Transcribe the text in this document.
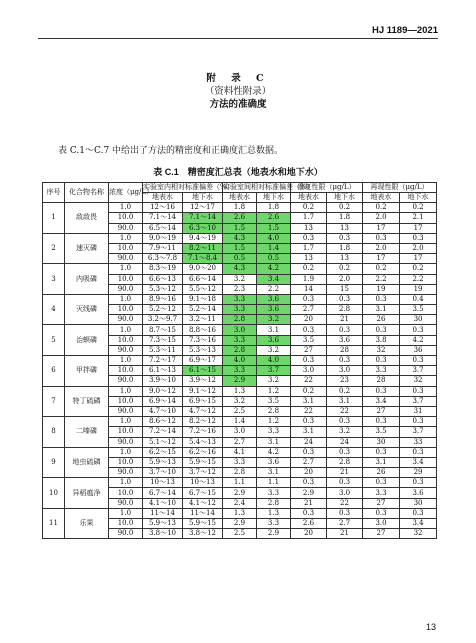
HJ 1189—2021
附 录 C
（资料性附录）
方法的准确度
表 C.1～C.7 中给出了方法的精密度和正确度汇总数据。
表 C.1　精密度汇总表（地表水和地下水）
序号	化合物名称	浓度（μg/L）	实验室内相对标准偏差（%）		实验室间相对标准偏差（%）		重复性限（μg/L）		再现性限（μg/L）	
			地表水	地下水	地表水	地下水	地表水	地下水	地表水	地下水
1	敌敌畏	1.0	12～16	12～17	1.8	1.8	0.2	0.2	0.2	0.2
		10.0	7.1～14	7.1～14	2.6	2.6	1.7	1.8	2.0	2.1
		90.0	6.5～14	6.3～10	1.5	1.5	13	13	17	17
2	速灭磷	1.0	9.0～19	9.4～19	4.3	4.0	0.3	0.3	0.3	0.3
		10.0	7.9～11	8.2～11	1.5	1.4	1.7	1.8	2.0	2.0
		90.0	6.3～7.8	7.1～8.4	0.5	0.5	13	13	17	17
3	内吸磷	1.0	8.3～19	9.0～20	4.3	4.2	0.2	0.2	0.2	0.2
		10.0	6.6～13	6.6～14	3.2	3.4	1.9	2.0	2.2	2.2
		90.0	5.3～12	5.5～12	2.3	2.2	14	15	19	19
4	灭线磷	1.0	8.9～16	9.1～18	3.3	3.6	0.3	0.3	0.3	0.4
		10.0	5.2～12	5.2～14	3.3	3.6	2.7	2.8	3.1	3.5
		90.0	3.2～9.7	3.2～11	2.8	3.2	20	21	26	30
5	治螟磷	1.0	8.7～15	8.8～16	3.0	3.1	0.3	0.3	0.3	0.3
		10.0	7.3～15	7.3～16	3.3	3.6	3.5	3.6	3.8	4.2
		90.0	5.3～11	5.3～13	2.8	3.2	27	28	32	36
6	甲拌磷	1.0	7.2～17	6.9～17	4.0	4.0	0.3	0.3	0.3	0.3
		10.0	6.1～13	6.1～15	3.3	3.7	3.0	3.0	3.3	3.7
		90.0	3.9～10	3.9～12	2.9	3.2	22	23	28	32
7	特丁硫磷	1.0	9.0～12	9.1～12	1.3	1.2	0.2	0.2	0.3	0.3
		10.0	6.9～14	6.9～15	3.2	3.5	3.1	3.1	3.4	3.7
		90.0	4.7～10	4.7～12	2.5	2.8	22	22	27	31
8	二嗪磷	1.0	8.6～12	8.2～12	1.4	1.2	0.3	0.3	0.3	0.3
		10.0	7.2～14	7.2～16	3.0	3.3	3.1	3.2	3.5	3.7
		90.0	5.1～12	5.4～13	2.7	3.1	24	24	30	33
9	地虫硫磷	1.0	6.2～15	6.2～16	4.1	4.2	0.3	0.3	0.3	0.3
		10.0	5.9～13	5.9～15	3.3	3.6	2.7	2.8	3.1	3.4
		90.0	3.7～10	3.7～12	2.8	3.1	20	21	26	29
10	异稻瘟净	1.0	10～13	10～13	1.1	1.1	0.3	0.3	0.3	0.3
		10.0	6.7～14	6.7～15	2.9	3.3	2.9	3.0	3.3	3.6
		90.0	4.1～10	4.1～12	2.4	2.8	21	22	27	30
11	乐果	1.0	11～14	11～14	1.3	1.3	0.3	0.3	0.3	0.3
		10.0	5.9～13	5.9～15	2.9	3.3	2.6	2.7	3.0	3.4
		90.0	3.8～10	3.8～12	2.5	2.9	20	21	27	32
13
